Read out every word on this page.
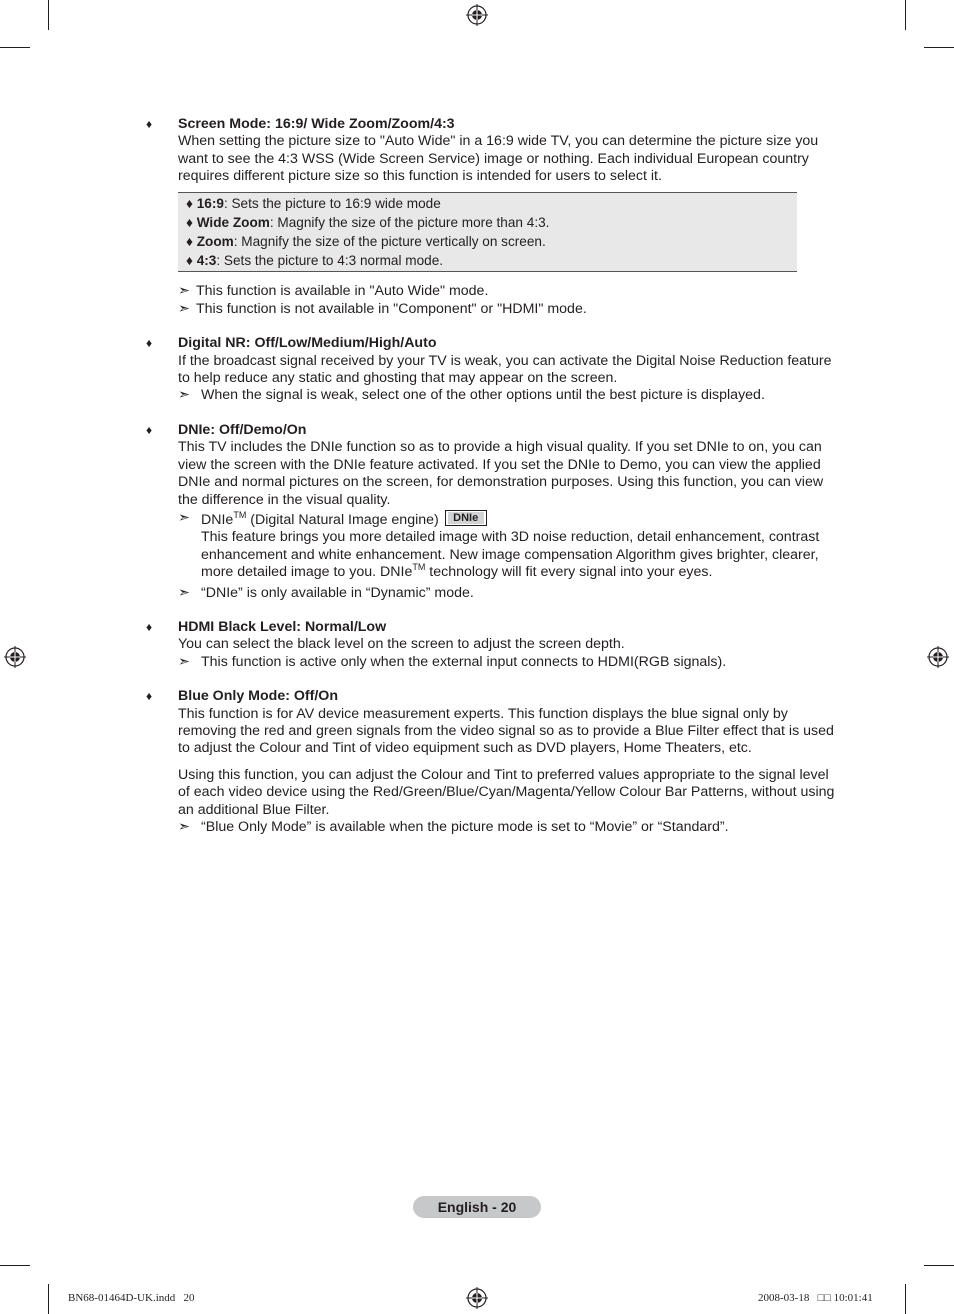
♦	Screen Mode: 16:9/ Wide Zoom/Zoom/4:3

When setting the picture size to "Auto Wide" in a 16:9 wide TV, you can determine the picture size you want to see the 4:3 WSS (Wide Screen Service) image or nothing. Each individual European country requires different picture size so this function is intended for users to select it.

♦ 16:9: Sets the picture to 16:9 wide mode
♦ Wide Zoom: Magnify the size of the picture more than 4:3.
♦ Zoom: Magnify the size of the picture vertically on screen.
♦ 4:3: Sets the picture to 4:3 normal mode.
➣ This function is available in "Auto Wide" mode.
➣ This function is not available in "Component" or "HDMI" mode.
♦	Digital NR: Off/Low/Medium/High/Auto

If the broadcast signal received by your TV is weak, you can activate the Digital Noise Reduction feature to help reduce any static and ghosting that may appear on the screen.

➣ When the signal is weak, select one of the other options until the best picture is displayed.
♦	DNIe: Off/Demo/On

This TV includes the DNIe function so as to provide a high visual quality. If you set DNIe to on, you can view the screen with the DNIe feature activated. If you set the DNIe to Demo, you can view the applied DNIe and normal pictures on the screen, for demonstration purposes. Using this function, you can view the difference in the visual quality.

➣ DNIe™ (Digital Natural Image engine) DNIe
This feature brings you more detailed image with 3D noise reduction, detail enhancement, contrast enhancement and white enhancement. New image compensation Algorithm gives brighter, clearer, more detailed image to you. DNIe™ technology will fit every signal into your eyes.
➣ “DNIe” is only available in “Dynamic” mode.
♦	HDMI Black Level: Normal/Low

You can select the black level on the screen to adjust the screen depth.

➣ This function is active only when the external input connects to HDMI(RGB signals).
♦	Blue Only Mode: Off/On

This function is for AV device measurement experts. This function displays the blue signal only by removing the red and green signals from the video signal so as to provide a Blue Filter effect that is used to adjust the Colour and Tint of video equipment such as DVD players, Home Theaters, etc.

Using this function, you can adjust the Colour and Tint to preferred values appropriate to the signal level of each video device using the Red/Green/Blue/Cyan/Magenta/Yellow Colour Bar Patterns, without using an additional Blue Filter.

➣ “Blue Only Mode” is available when the picture mode is set to “Movie” or “Standard”.
English - 20
BN68-01464D-UK.indd   20	2008-03-18   □□ 10:01:41
